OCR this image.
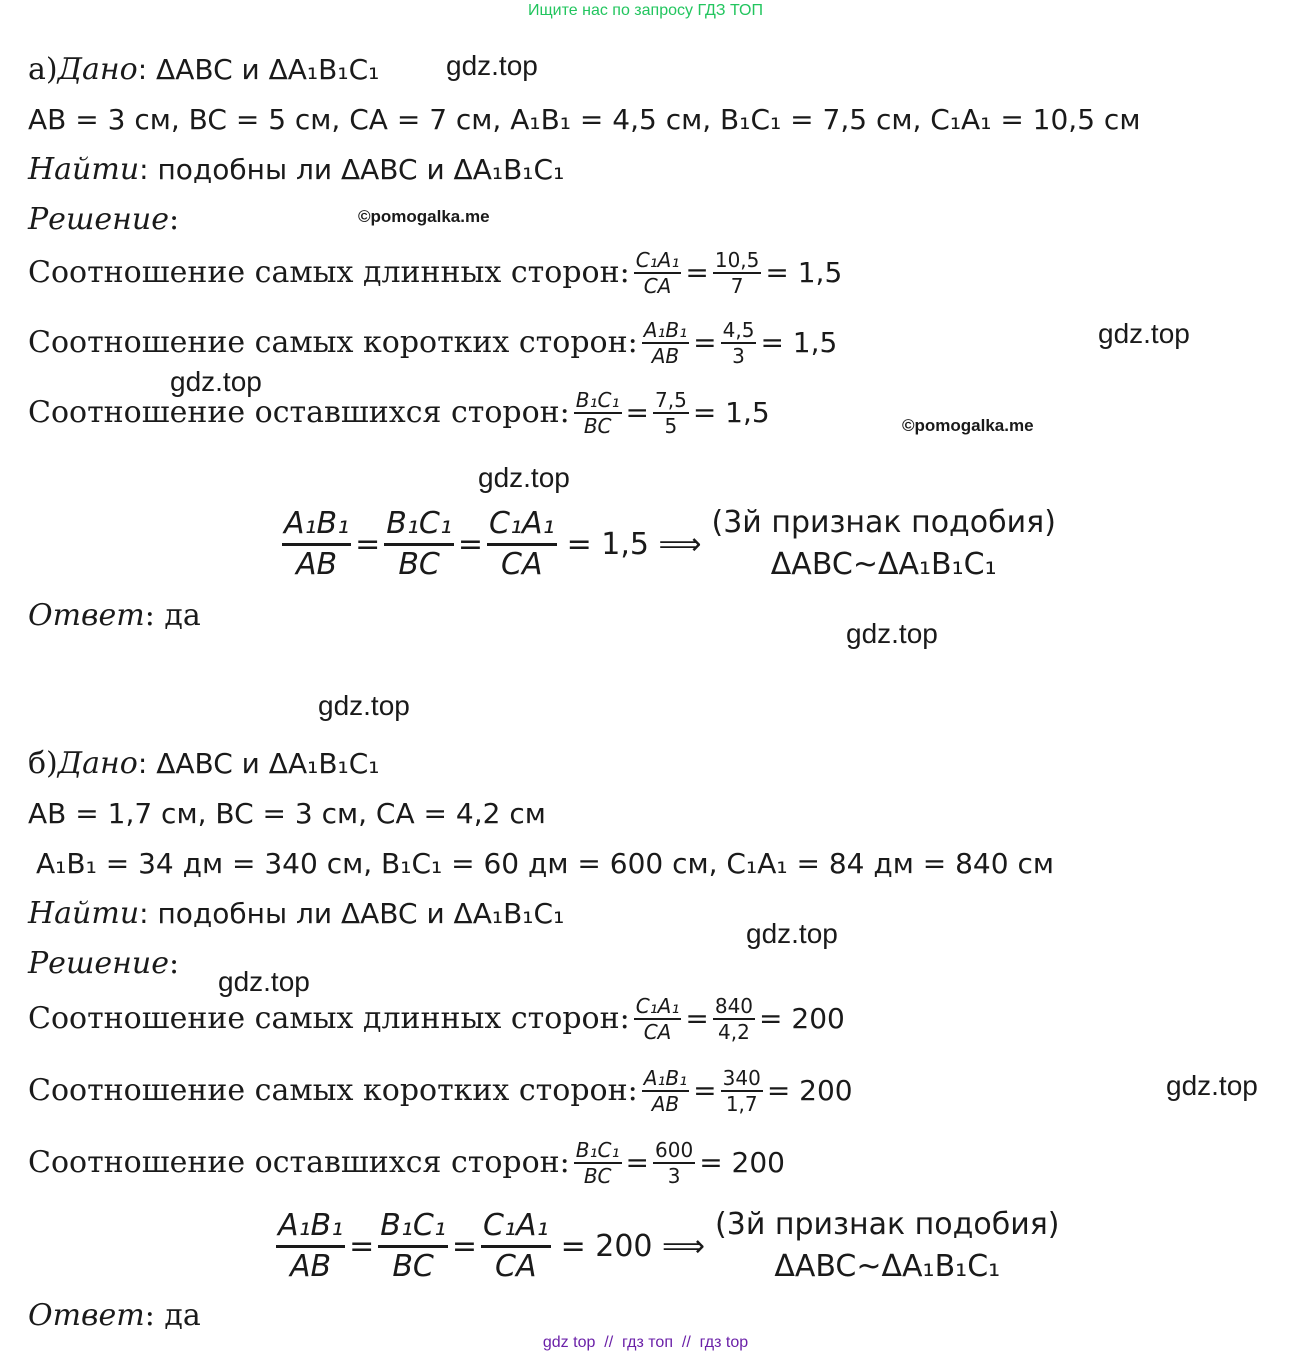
Ищите нас по запросу ГДЗ ТОП
а)Дано: ΔABC и ΔA₁B₁C₁ gdz.top
AB = 3 см, BC = 5 см, CA = 7 см, A₁B₁ = 4,5 см, B₁C₁ = 7,5 см, C₁A₁ = 10,5 см
Найти: подобны ли ΔABC и ΔA₁B₁C₁
Решение:	©pomogalka.me
Соотношение самых длинных сторон: $\frac{\text{C₁A₁}}{CA} = \frac{10,5}{7} = 1,5$
Соотношение самых коротких сторон: $\frac{\text{A₁B₁}}{AB} = \frac{4,5}{3} = 1,5$	gdz.top
gdz.top
Соотношение оставшихся сторон: $\frac{\text{B₁C₁}}{BC} = \frac{7,5}{5} = 1,5$	©pomogalka.me
gdz.top
$\frac{\text{A₁B₁}}{AB} = \frac{\text{B₁C₁}}{BC} = \frac{\text{C₁A₁}}{CA} = 1,5$ ⟹
(3й признак подобия)
ΔABC~ΔA₁B₁C₁
Ответ: да
gdz.top
gdz.top
б)Дано: ΔABC и ΔA₁B₁C₁
AB = 1,7 см, BC = 3 см, CA = 4,2 см
A₁B₁ = 34 дм = 340 см, B₁C₁ = 60 дм = 600 см, C₁A₁ = 84 дм = 840 см
Найти: подобны ли ΔABC и ΔA₁B₁C₁
gdz.top
Решение:
gdz.top
Соотношение самых длинных сторон: $\frac{\text{C₁A₁}}{CA} = \frac{840}{4,2} = 200$
Соотношение самых коротких сторон: $\frac{\text{A₁B₁}}{AB} = \frac{340}{1,7} = 200$	gdz.top
Соотношение оставшихся сторон: $\frac{\text{B₁C₁}}{BC} = \frac{600}{3} = 200$
$\frac{\text{A₁B₁}}{AB} = \frac{\text{B₁C₁}}{BC} = \frac{\text{C₁A₁}}{CA} = 200$ ⟹
(3й признак подобия)
ΔABC~ΔA₁B₁C₁
Ответ: да
gdz top  //  гдз топ  //  гдз top
